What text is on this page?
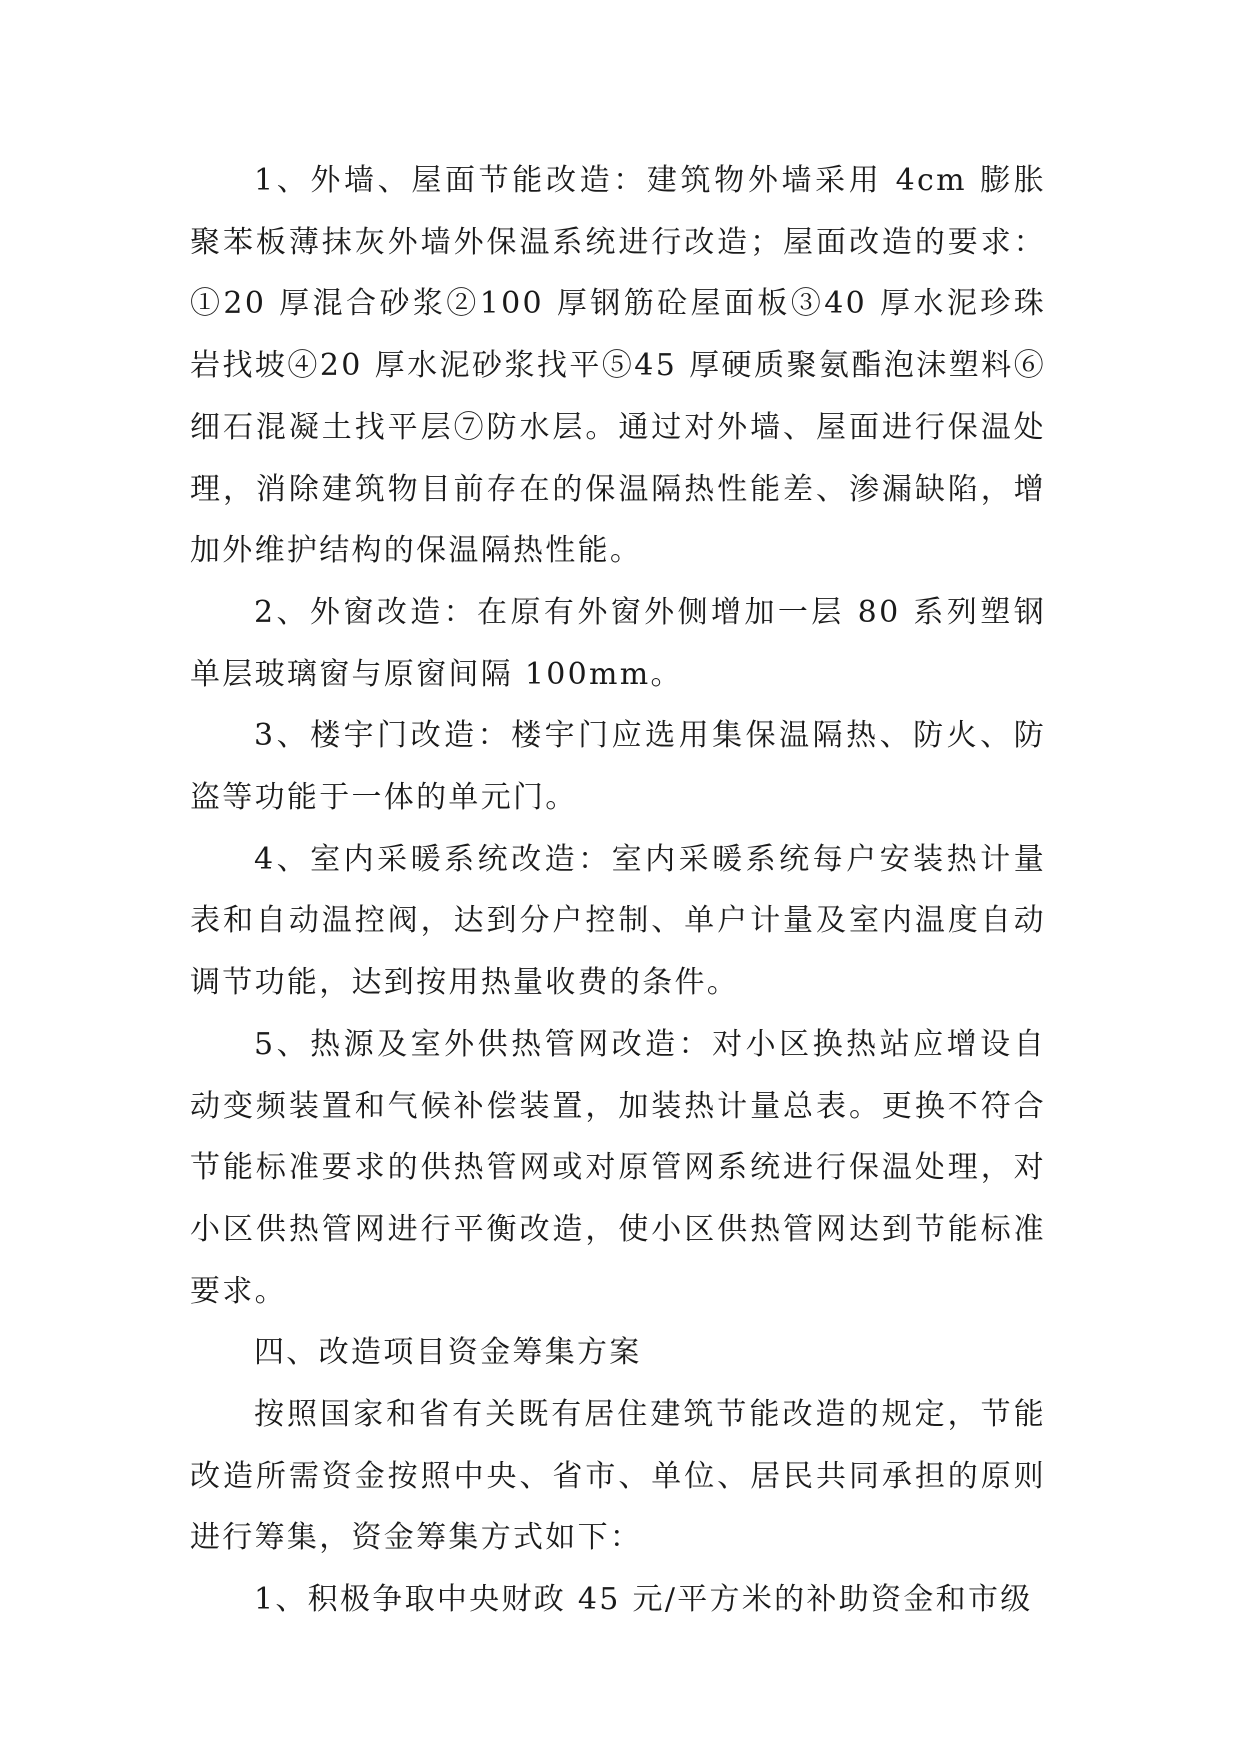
1、外墙、屋面节能改造：建筑物外墙采用 4cm 膨胀聚苯板薄抹灰外墙外保温系统进行改造；屋面改造的要求：①20 厚混合砂浆②100 厚钢筋砼屋面板③40 厚水泥珍珠岩找坡④20 厚水泥砂浆找平⑤45 厚硬质聚氨酯泡沫塑料⑥细石混凝土找平层⑦防水层。通过对外墙、屋面进行保温处理，消除建筑物目前存在的保温隔热性能差、渗漏缺陷，增加外维护结构的保温隔热性能。

2、外窗改造：在原有外窗外侧增加一层 80 系列塑钢单层玻璃窗与原窗间隔 100mm。

3、楼宇门改造：楼宇门应选用集保温隔热、防火、防盗等功能于一体的单元门。

4、室内采暖系统改造：室内采暖系统每户安装热计量表和自动温控阀，达到分户控制、单户计量及室内温度自动调节功能，达到按用热量收费的条件。

5、热源及室外供热管网改造：对小区换热站应增设自动变频装置和气候补偿装置，加装热计量总表。更换不符合节能标准要求的供热管网或对原管网系统进行保温处理，对小区供热管网进行平衡改造，使小区供热管网达到节能标准要求。

四、改造项目资金筹集方案

按照国家和省有关既有居住建筑节能改造的规定，节能改造所需资金按照中央、省市、单位、居民共同承担的原则进行筹集，资金筹集方式如下：

1、积极争取中央财政 45 元/平方米的补助资金和市级
